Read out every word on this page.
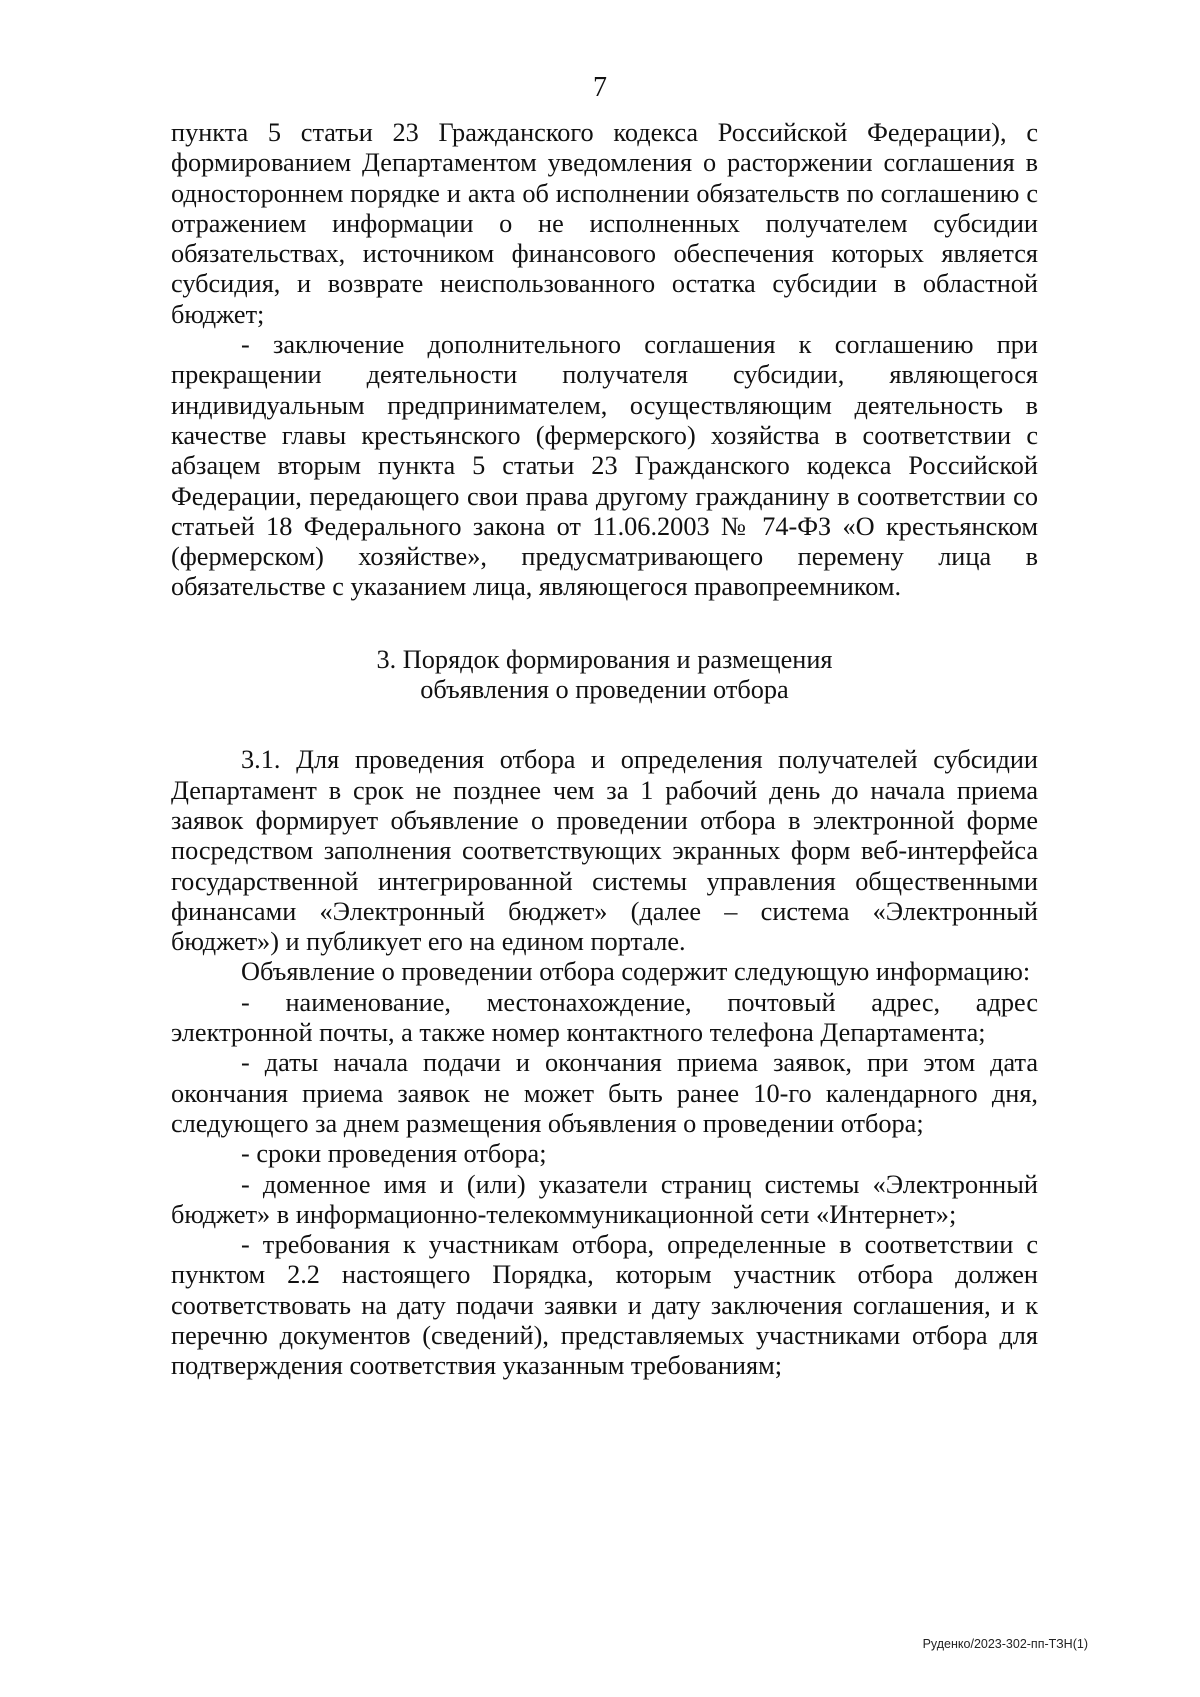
7

пункта 5 статьи 23 Гражданского кодекса Российской Федерации), с формированием Департаментом уведомления о расторжении соглашения в одностороннем порядке и акта об исполнении обязательств по соглашению с отражением информации о не исполненных получателем субсидии обязательствах, источником финансового обеспечения которых является субсидия, и возврате неиспользованного остатка субсидии в областной бюджет;

- заключение дополнительного соглашения к соглашению при прекращении деятельности получателя субсидии, являющегося индивидуальным предпринимателем, осуществляющим деятельность в качестве главы крестьянского (фермерского) хозяйства в соответствии с абзацем вторым пункта 5 статьи 23 Гражданского кодекса Российской Федерации, передающего свои права другому гражданину в соответствии со статьей 18 Федерального закона от 11.06.2003 № 74-ФЗ «О крестьянском (фермерском) хозяйстве», предусматривающего перемену лица в обязательстве с указанием лица, являющегося правопреемником.

3. Порядок формирования и размещения
объявления о проведении отбора

3.1. Для проведения отбора и определения получателей субсидии Департамент в срок не позднее чем за 1 рабочий день до начала приема заявок формирует объявление о проведении отбора в электронной форме посредством заполнения соответствующих экранных форм веб-интерфейса государственной интегрированной системы управления общественными финансами «Электронный бюджет» (далее – система «Электронный бюджет») и публикует его на едином портале.

Объявление о проведении отбора содержит следующую информацию:

- наименование, местонахождение, почтовый адрес, адрес электронной почты, а также номер контактного телефона Департамента;

- даты начала подачи и окончания приема заявок, при этом дата окончания приема заявок не может быть ранее 10-го календарного дня, следующего за днем размещения объявления о проведении отбора;

- сроки проведения отбора;

- доменное имя и (или) указатели страниц системы «Электронный бюджет» в информационно-телекоммуникационной сети «Интернет»;

- требования к участникам отбора, определенные в соответствии с пунктом 2.2 настоящего Порядка, которым участник отбора должен соответствовать на дату подачи заявки и дату заключения соглашения, и к перечню документов (сведений), представляемых участниками отбора для подтверждения соответствия указанным требованиям;

Руденко/2023-302-пп-ТЗН(1)
